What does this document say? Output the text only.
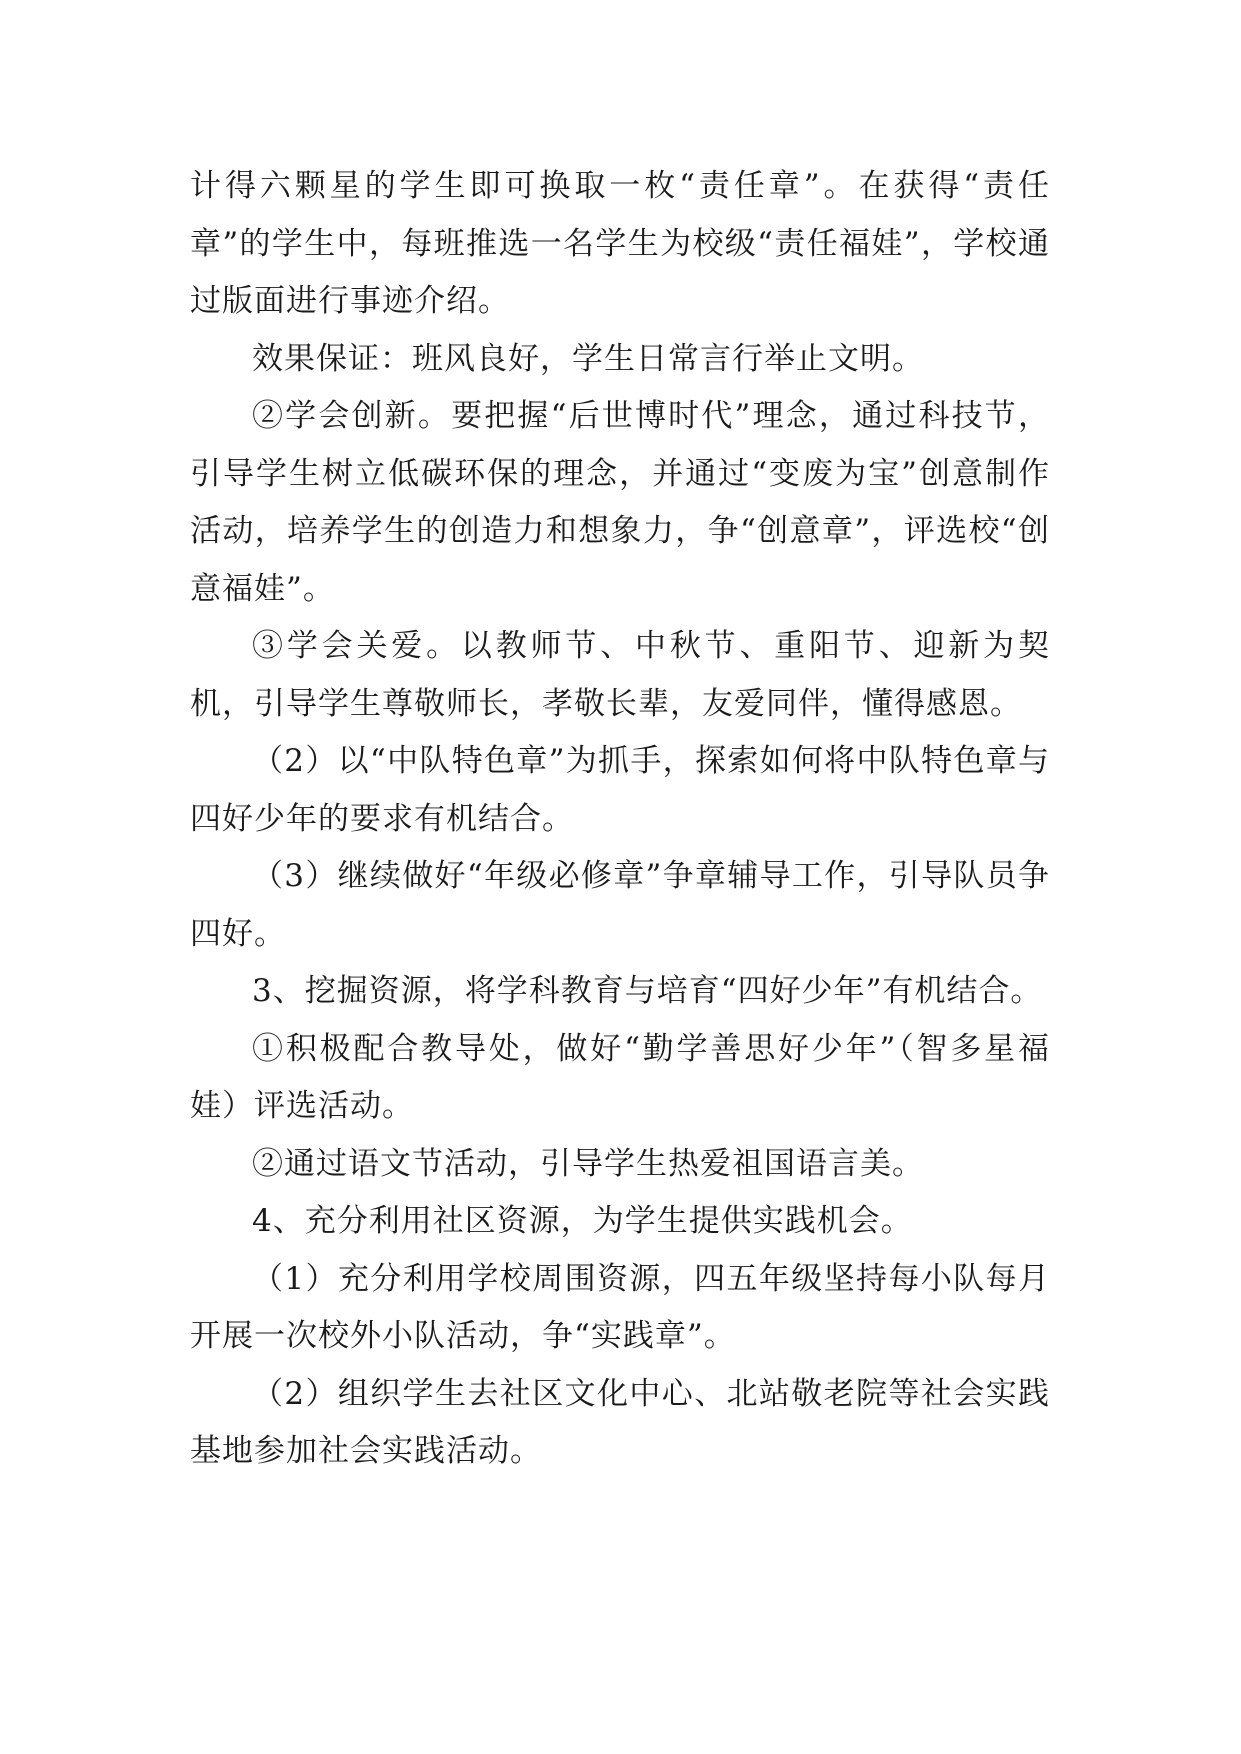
计得六颗星的学生即可换取一枚“责任章”。在获得“责任章”的学生中，每班推选一名学生为校级“责任福娃”，学校通过版面进行事迹介绍。

效果保证：班风良好，学生日常言行举止文明。

②学会创新。要把握“后世博时代”理念，通过科技节，引导学生树立低碳环保的理念，并通过“变废为宝”创意制作活动，培养学生的创造力和想象力，争“创意章”，评选校“创意福娃”。

③学会关爱。以教师节、中秋节、重阳节、迎新为契机，引导学生尊敬师长，孝敬长辈，友爱同伴，懂得感恩。

（2）以“中队特色章”为抓手，探索如何将中队特色章与四好少年的要求有机结合。

（3）继续做好“年级必修章”争章辅导工作，引导队员争四好。

3、挖掘资源，将学科教育与培育“四好少年”有机结合。

①积极配合教导处，做好“勤学善思好少年”（智多星福娃）评选活动。

②通过语文节活动，引导学生热爱祖国语言美。

4、充分利用社区资源，为学生提供实践机会。

（1）充分利用学校周围资源，四五年级坚持每小队每月开展一次校外小队活动，争“实践章”。

（2）组织学生去社区文化中心、北站敬老院等社会实践基地参加社会实践活动。
